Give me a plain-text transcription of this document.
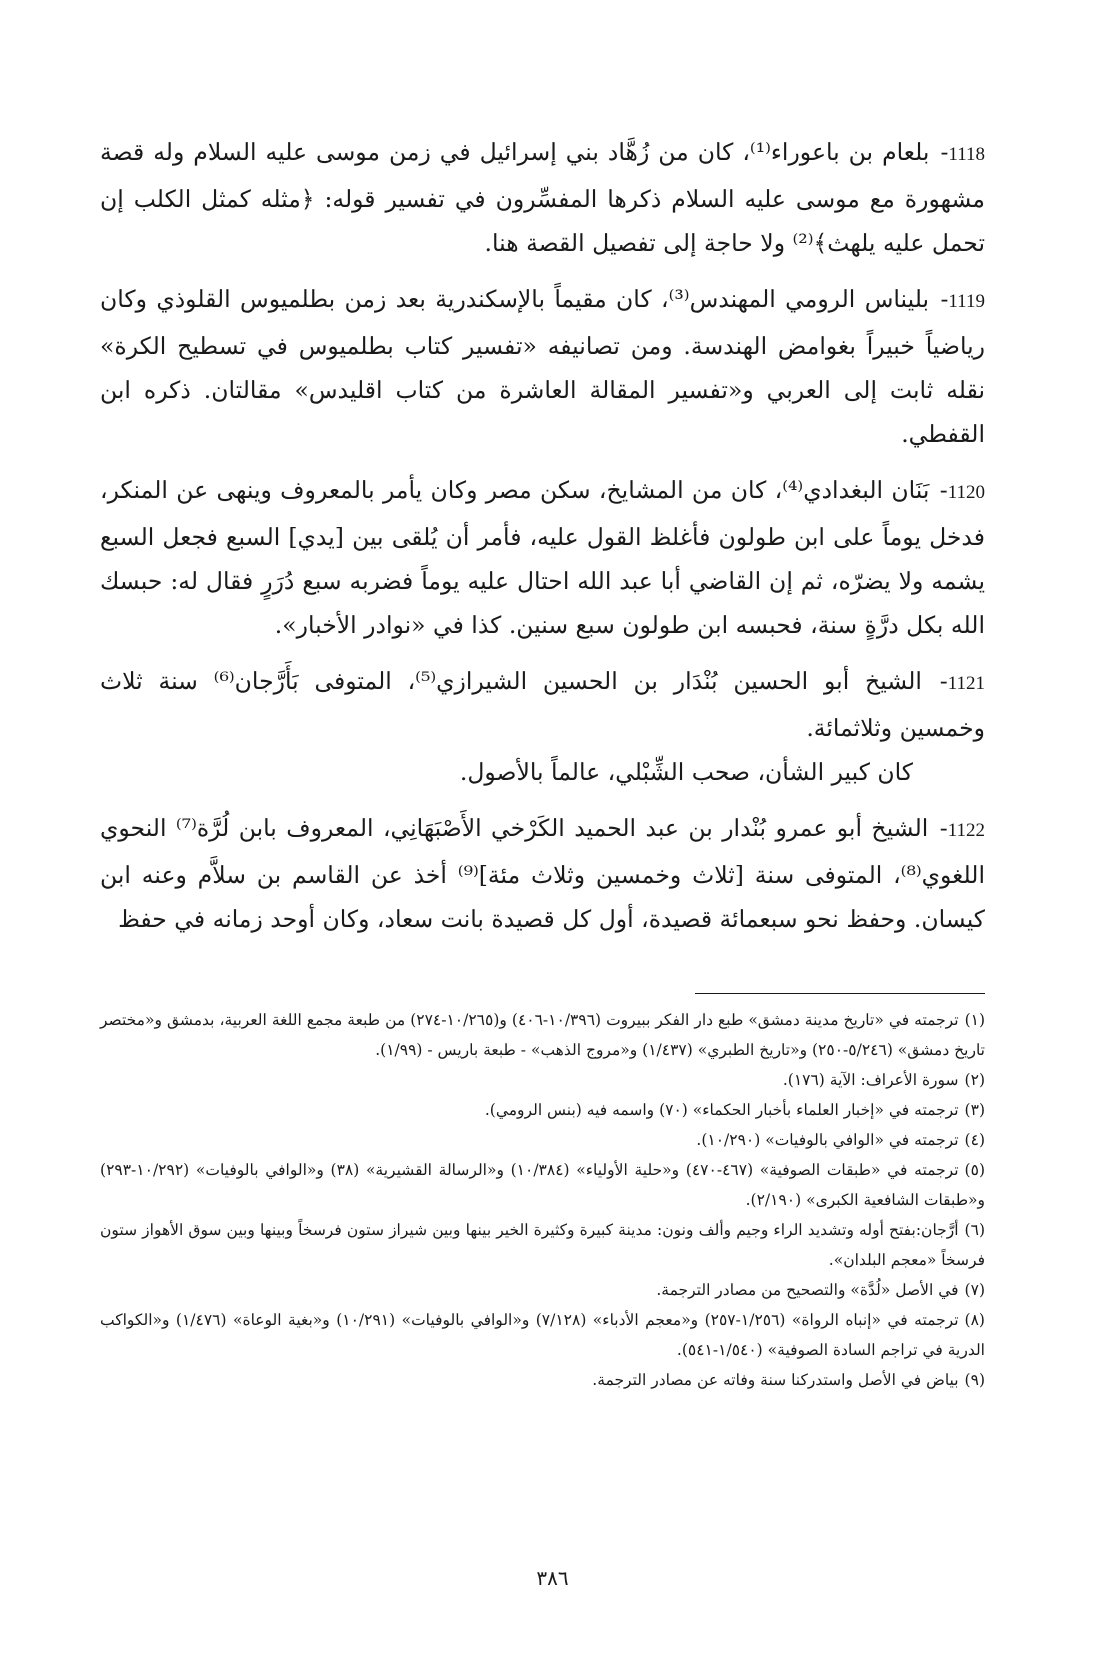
1118- بلعام بن باعوراء⁽¹⁾، كان من زُهَّاد بني إسرائيل في زمن موسى عليه السلام وله قصة مشهورة مع موسى عليه السلام ذكرها المفسِّرون في تفسير قوله: ﴿مثله كمثل الكلب إن تحمل عليه يلهث﴾⁽²⁾ ولا حاجة إلى تفصيل القصة هنا.

1119- بليناس الرومي المهندس⁽³⁾، كان مقيماً بالإسكندرية بعد زمن بطلميوس القلوذي وكان رياضياً خبيراً بغوامض الهندسة. ومن تصانيفه «تفسير كتاب بطلميوس في تسطيح الكرة» نقله ثابت إلى العربي و«تفسير المقالة العاشرة من كتاب اقليدس» مقالتان. ذكره ابن القفطي.

1120- بَنَان البغدادي⁽⁴⁾، كان من المشايخ، سكن مصر وكان يأمر بالمعروف وينهى عن المنكر، فدخل يوماً على ابن طولون فأغلظ القول عليه، فأمر أن يُلقى بين [يدي] السبع فجعل السبع يشمه ولا يضرّه، ثم إن القاضي أبا عبد الله احتال عليه يوماً فضربه سبع دُرَرٍ فقال له: حبسك الله بكل درَّةٍ سنة، فحبسه ابن طولون سبع سنين. كذا في «نوادر الأخبار».

1121- الشيخ أبو الحسين بُنْدَار بن الحسين الشيرازي⁽⁵⁾، المتوفى بَأَرَّجان⁽⁶⁾ سنة ثلاث وخمسين وثلاثمائة.

كان كبير الشأن، صحب الشِّبْلي، عالماً بالأصول.

1122- الشيخ أبو عمرو بُنْدار بن عبد الحميد الكَرْخي الأَصْبَهَانِي، المعروف بابن لُرَّة⁽⁷⁾ النحوي اللغوي⁽⁸⁾، المتوفى سنة [ثلاث وخمسين وثلاث مئة]⁽⁹⁾ أخذ عن القاسم بن سلاَّم وعنه ابن كيسان. وحفظ نحو سبعمائة قصيدة، أول كل قصيدة بانت سعاد، وكان أوحد زمانه في حفظ

(١)ترجمته في «تاريخ مدينة دمشق» طبع دار الفكر ببيروت (١٠/٣٩٦-٤٠٦) و(١٠/٢٦٥-٢٧٤) من طبعة مجمع اللغة العربية، بدمشق و«مختصر تاريخ دمشق» (٥/٢٤٦-٢٥٠) و«تاريخ الطبري» (١/٤٣٧) و«مروج الذهب» - طبعة باريس - (١/٩٩).
(٢)سورة الأعراف: الآية (١٧٦).
(٣)ترجمته في «إخبار العلماء بأخبار الحكماء» (٧٠) واسمه فيه (بنس الرومي).
(٤)ترجمته في «الوافي بالوفيات» (١٠/٢٩٠).
(٥)ترجمته في «طبقات الصوفية» (٤٦٧-٤٧٠) و«حلية الأولياء» (١٠/٣٨٤) و«الرسالة القشيرية» (٣٨) و«الوافي بالوفيات» (١٠/٢٩٢-٢٩٣) و«طبقات الشافعية الكبرى» (٢/١٩٠).
(٦)أرَّجان:بفتح أوله وتشديد الراء وجيم وألف ونون: مدينة كبيرة وكثيرة الخير بينها وبين شيراز ستون فرسخاً وبينها وبين سوق الأهواز ستون فرسخاً «معجم البلدان».
(٧)في الأصل «لُدَّة» والتصحيح من مصادر الترجمة.
(٨)ترجمته في «إنباه الرواة» (١/٢٥٦-٢٥٧) و«معجم الأدباء» (٧/١٢٨) و«الوافي بالوفيات» (١٠/٢٩١) و«بغية الوعاة» (١/٤٧٦) و«الكواكب الدرية في تراجم السادة الصوفية» (١/٥٤٠-٥٤١).
(٩)بياض في الأصل واستدركنا سنة وفاته عن مصادر الترجمة.
٣٨٦
